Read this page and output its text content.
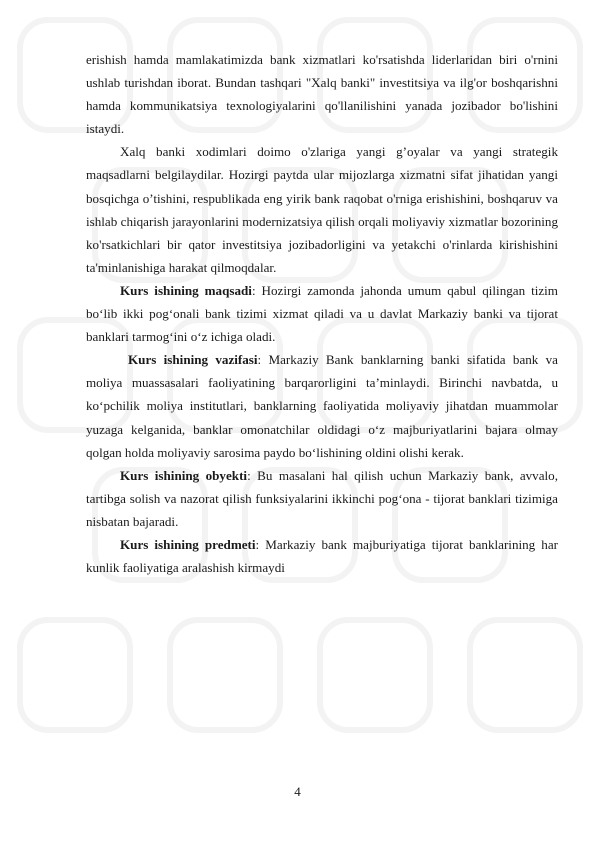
erishish hamda mamlakatimizda bank xizmatlari ko'rsatishda liderlaridan biri o'rnini ushlab turishdan iborat. Bundan tashqari "Xalq banki" investitsiya va ilg'or boshqarishni hamda kommunikatsiya texnologiyalarini qo'llanilishini yanada jozibador bo'lishini istaydi.

Xalq banki xodimlari doimo o'zlariga yangi g’oyalar va yangi strategik maqsadlarni belgilaydilar. Hozirgi paytda ular mijozlarga xizmatni sifat jihatidan yangi bosqichga o’tishini, respublikada eng yirik bank raqobat o'rniga erishishini, boshqaruv va ishlab chiqarish jarayonlarini modernizatsiya qilish orqali moliyaviy xizmatlar bozorining ko'rsatkichlari bir qator investitsiya jozibadorligini va yetakchi o'rinlarda kirishishini ta'minlanishiga harakat qilmoqdalar.

Kurs ishining maqsadi: Hozirgi zamonda jahonda umum qabul qilingan tizim bo‘lib ikki pog‘onali bank tizimi xizmat qiladi va u davlat Markaziy banki va tijorat banklari tarmog‘ini o‘z ichiga oladi.

Kurs ishining vazifasi: Markaziy Bank banklarning banki sifatida bank va moliya muassasalari faoliyatining barqarorligini ta’minlaydi. Birinchi navbatda, u ko‘pchilik moliya institutlari, banklarning faoliyatida moliyaviy jihatdan muammolar yuzaga kelganida, banklar omonatchilar oldidagi o‘z majburiyatlarini bajara olmay qolgan holda moliyaviy sarosima paydo bo‘lishining oldini olishi kerak.

Kurs ishining obyekti: Bu masalani hal qilish uchun Markaziy bank, avvalo, tartibga solish va nazorat qilish funksiyalarini ikkinchi pog‘ona - tijorat banklari tizimiga nisbatan bajaradi.

Kurs ishining predmeti: Markaziy bank majburiyatiga tijorat banklarining har kunlik faoliyatiga aralashish kirmaydi

4
